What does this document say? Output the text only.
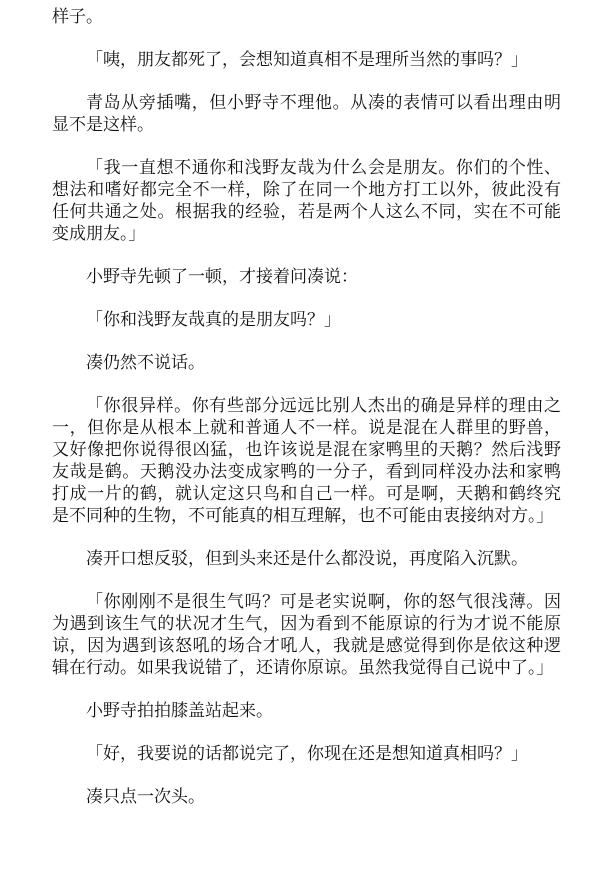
样子。

「咦，朋友都死了，会想知道真相不是理所当然的事吗？」

青岛从旁插嘴，但小野寺不理他。从凑的表情可以看出理由明显不是这样。

「我一直想不通你和浅野友哉为什么会是朋友。你们的个性、想法和嗜好都完全不一样，除了在同一个地方打工以外，彼此没有任何共通之处。根据我的经验，若是两个人这么不同，实在不可能变成朋友。」

小野寺先顿了一顿，才接着问凑说：

「你和浅野友哉真的是朋友吗？」

凑仍然不说话。

「你很异样。你有些部分远远比别人杰出的确是异样的理由之一，但你是从根本上就和普通人不一样。说是混在人群里的野兽，又好像把你说得很凶猛，也许该说是混在家鸭里的天鹅？然后浅野友哉是鹤。天鹅没办法变成家鸭的一分子，看到同样没办法和家鸭打成一片的鹤，就认定这只鸟和自己一样。可是啊，天鹅和鹤终究是不同种的生物，不可能真的相互理解，也不可能由衷接纳对方。」

凑开口想反驳，但到头来还是什么都没说，再度陷入沉默。

「你刚刚不是很生气吗？可是老实说啊，你的怒气很浅薄。因为遇到该生气的状况才生气，因为看到不能原谅的行为才说不能原谅，因为遇到该怒吼的场合才吼人，我就是感觉得到你是依这种逻辑在行动。如果我说错了，还请你原谅。虽然我觉得自己说中了。」

小野寺拍拍膝盖站起来。

「好，我要说的话都说完了，你现在还是想知道真相吗？」

凑只点一次头。
